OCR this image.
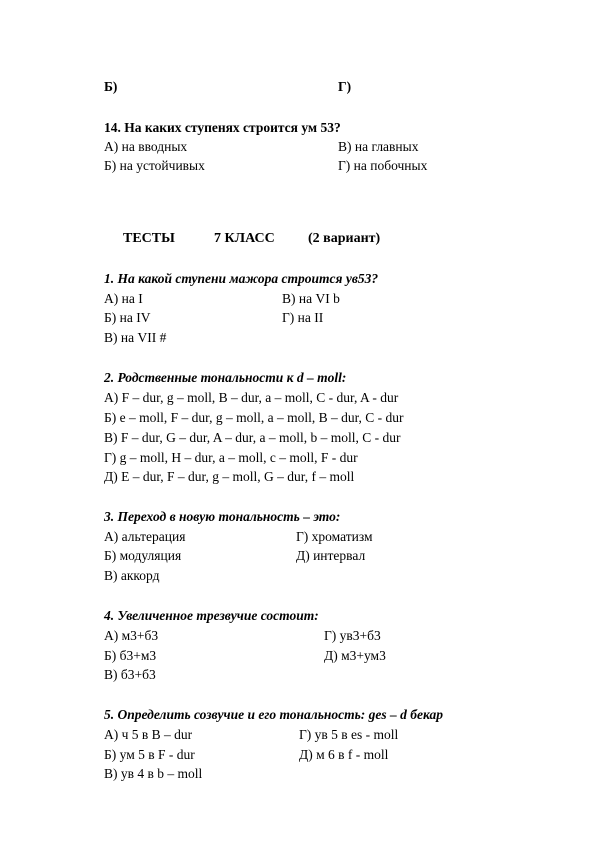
Б)	Г)
14. На каких ступенях строится ум 53?
А) на вводных	В) на главных
Б) на устойчивых	Г) на побочных
ТЕСТЫ	7 КЛАСС (2 вариант)
1. На какой ступени мажора строится ув53?
А) на I	В) на VI b
Б) на IV	Г) на II
В) на VII #
2. Родственные тональности к d – moll:
А) F – dur, g – moll, B – dur, a – moll, C - dur, A - dur
Б) e – moll, F – dur, g – moll, a – moll, B – dur, C - dur
В) F – dur, G – dur, A – dur, a – moll, b – moll, C - dur
Г) g – moll, H – dur, a – moll, c – moll, F - dur
Д) E – dur, F – dur, g – moll, G – dur, f – moll
3. Переход в новую тональность – это:
А) альтерация	Г) хроматизм
Б) модуляция	Д) интервал
В) аккорд
4. Увеличенное трезвучие состоит:
А) м3+б3	Г) ув3+б3
Б) б3+м3	Д) м3+ум3
В) б3+б3
5. Определить созвучие и его тональность: ges – d бекар
А) ч 5 в B – dur	Г) ув 5 в es - moll
Б) ум 5 в F - dur	Д) м 6 в f - moll
В) ув 4 в b – moll
